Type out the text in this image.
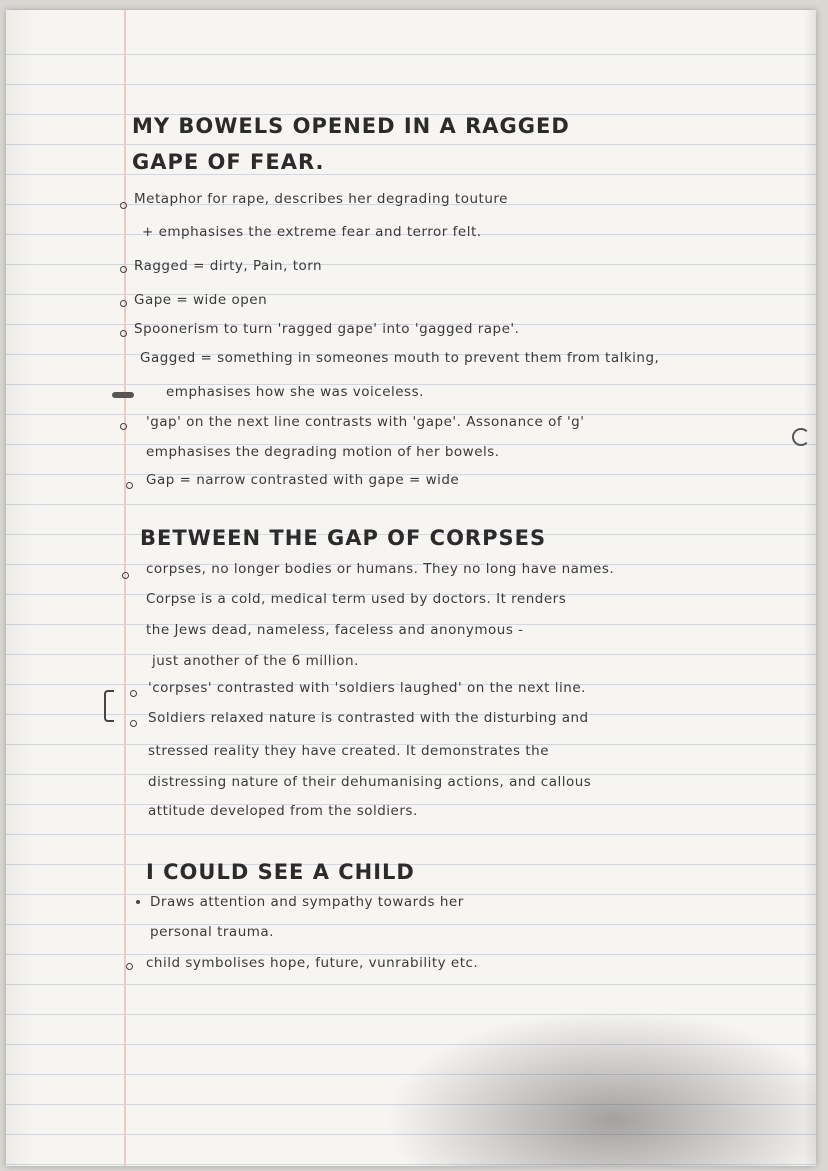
MY BOWELS OPENED IN A RAGGED
GAPE OF FEAR.
Metaphor for rape, describes her degrading touture
+ emphasises the extreme fear and terror felt.
Ragged = dirty, Pain, torn
Gape = wide open
Spoonerism to turn 'ragged gape' into 'gagged rape'.
Gagged = something in someones mouth to prevent them from talking,
emphasises how she was voiceless.
'gap' on the next line contrasts with 'gape'. Assonance of 'g'
emphasises the degrading motion of her bowels.
Gap = narrow contrasted with gape = wide
BETWEEN THE GAP OF CORPSES
corpses, no longer bodies or humans. They no long have names.
Corpse is a cold, medical term used by doctors. It renders
the Jews dead, nameless, faceless and anonymous -
just another of the 6 million.
'corpses' contrasted with 'soldiers laughed' on the next line.
Soldiers relaxed nature is contrasted with the disturbing and
stressed reality they have created. It demonstrates the
distressing nature of their dehumanising actions, and callous
attitude developed from the soldiers.
I COULD SEE A CHILD
Draws attention and sympathy towards her
personal trauma.
child symbolises hope, future, vunrability etc.
